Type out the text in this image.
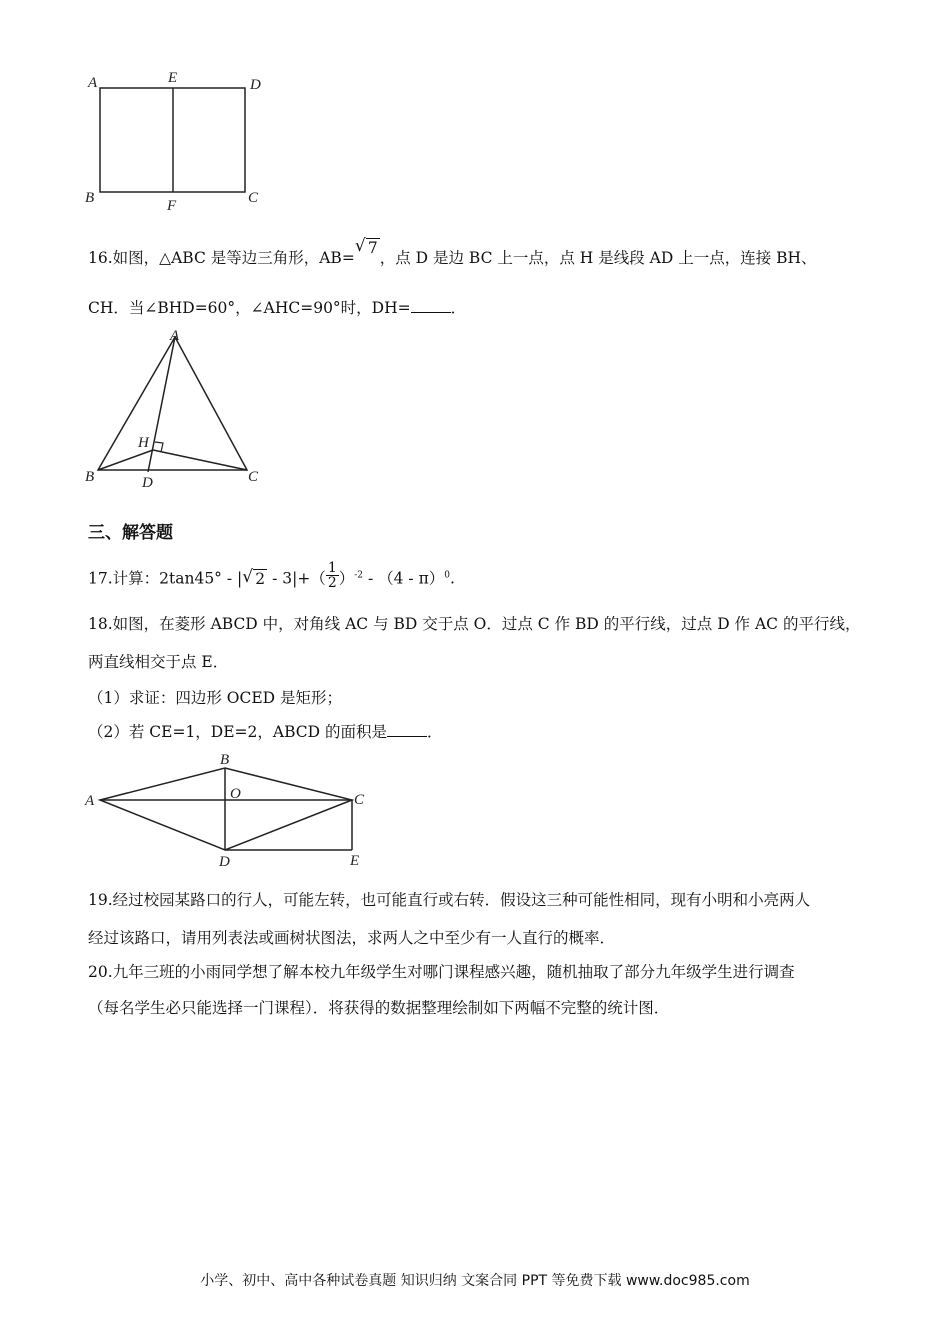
A	E	D
B	F	C
16.如图，△ABC 是等边三角形，AB=
√ 7，点 D 是边 BC 上一点，点 H 是线段 AD 上一点，连接 BH、
CH．当∠BHD=60°，∠AHC=90°时，DH=	．
A
H
B	D	C
三、解答题
17.计算：2tan45° ‐ | √ 2 ‐ $3|+( \frac{1}{2} )^{‐2}$ ‐ （4 ‐ π）$^0$.
18.如图，在菱形 ABCD 中，对角线 AC 与 BD 交于点 O．过点 C 作 BD 的平行线，过点 D 作 AC 的平行线，
两直线相交于点 E．
（1）求证：四边形 OCED 是矩形；
（2）若 CE=1，DE=2，ABCD 的面积是	．
A
B
O	C
D	E
19.经过校园某路口的行人，可能左转，也可能直行或右转．假设这三种可能性相同，现有小明和小亮两人
经过该路口，请用列表法或画树状图法，求两人之中至少有一人直行的概率．
20.九年三班的小雨同学想了解本校九年级学生对哪门课程感兴趣，随机抽取了部分九年级学生进行调查
（每名学生必只能选择一门课程）．将获得的数据整理绘制如下两幅不完整的统计图．
小学、初中、高中各种试卷真题 知识归纳 文案合同 PPT 等免费下载 www.doc985.com
